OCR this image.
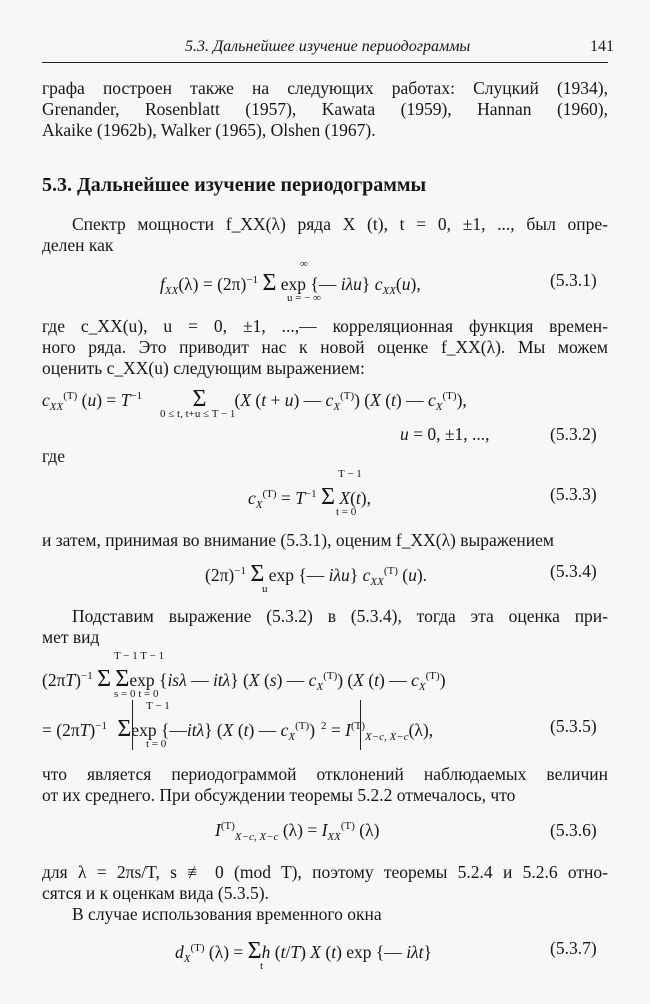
5.3. Дальнейшее изучение периодограммы	141
графа построен также на следующих работах: Слуцкий (1934),
Grenander, Rosenblatt (1957), Kawata (1959), Hannan (1960),
Akaike (1962b), Walker (1965), Olshen (1967).
5.3. Дальнейшее изучение периодограммы
Спектр мощности f_XX(λ) ряда X (t), t = 0, ±1, ..., был опре-
делен как
$f_{XX}(\lambda) = (2\pi)^{-1}$ Σ exp {— iλu} $c_{XX}(u)$,
∞
u = − ∞
(5.3.1)
где c_XX(u), u = 0, ±1, ...,— корреляционная функция времен-
ного ряда. Это приводит нас к новой оценке f_XX(λ). Мы можем
оценить c_XX(u) следующим выражением:
$c_{XX}^{(T)}$ $(u) = T^{-1}$ Σ (X (t + u) — $c_X^{(T)}$) (X (t) — $c_X^{(T)}$),
0 ≤ t, t+u ≤ T − 1
u = 0, ±1, ...,	(5.3.2)
где
$c_X^{(T)} = T^{-1}$ Σ X(t),
T − 1
t = 0
(5.3.3)
и затем, принимая во внимание (5.3.1), оценим f_XX(λ) выражением
$(2\pi)^{-1}$ Σ exp {— iλu} $c_{XX}^{(T)}$ (u).
u
(5.3.4)
Подставим выражение (5.3.2) в (5.3.4), тогда эта оценка при-
мет вид
$(2\pi T)^{-1}$ Σ Σexp {isλ — itλ} (X (s) — $c_X^{(T)}$) (X (t) — $c_X^{(T)}$)
T − 1 T − 1
s = 0 t = 0
= $(2\pi T)^{-1}$ Σexp {—itλ} (X (t) — $c_X^{(T)}$) $^2 = I^{(T)}_{X-c, X-c}(\lambda)$,
T − 1
t = 0
(5.3.5)
что является периодограммой отклонений наблюдаемых величин
от их среднего. При обсуждении теоремы 5.2.2 отмечалось, что
$I^{(T)}_{X-c, X-c}$ $(\lambda) = I_{XX}^{(T)}$ (λ)	(5.3.6)
для λ = 2πs/T, s ≢ 0 (mod T), поэтому теоремы 5.2.4 и 5.2.6 отно-
сятся и к оценкам вида (5.3.5).
В случае использования временного окна
$d_X^{(T)}$ (λ) = Σh (t/T) X (t) exp {— iλt}
t
(5.3.7)
